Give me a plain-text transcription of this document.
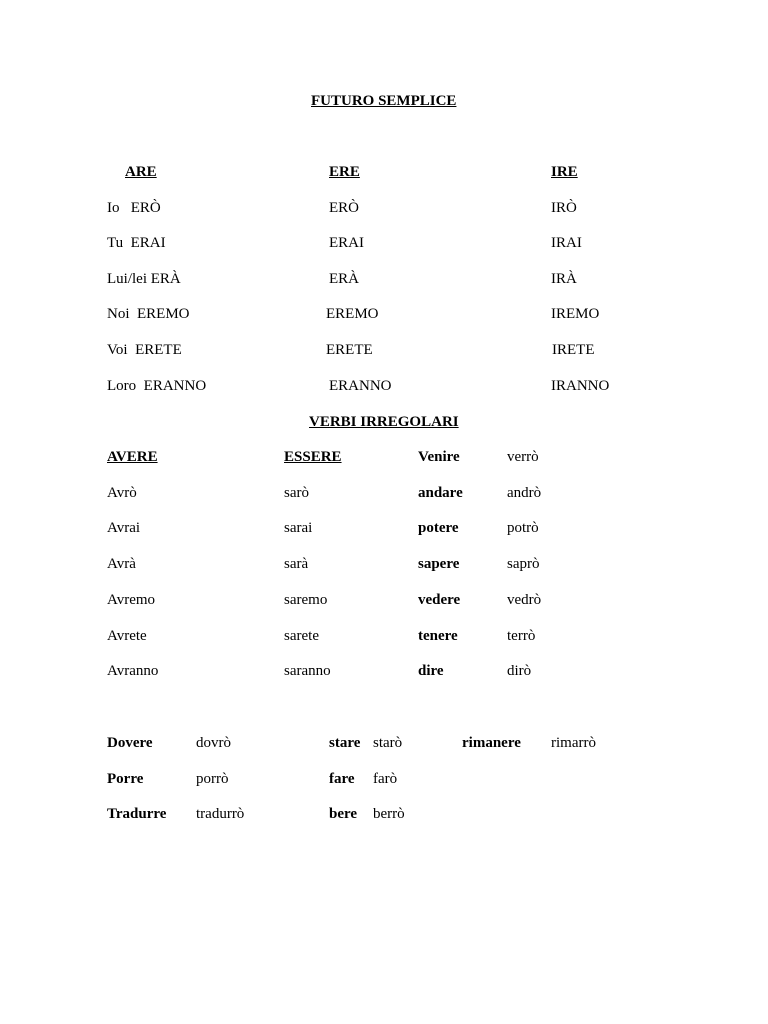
FUTURO SEMPLICE
ARE	ERE	IRE
Io ERÒ	ERÒ	IRÒ
Tu ERAI	ERAI	IRAI
Lui/lei ERÀ	ERÀ	IRÀ
Noi EREMO	EREMO	IREMO
Voi ERETE	ERETE	IRETE
Loro ERANNO	ERANNO	IRANNO
VERBI IRREGOLARI
AVERE	ESSERE	Venire	verrò
Avrò	sarò	andare	andrò
Avrai	sarai	potere	potrò
Avrà	sarà	sapere	saprò
Avremo	saremo	vedere	vedrò
Avrete	sarete	tenere	terrò
Avranno	saranno	dire	dirò
Dovere	dovrò	stare starò	rimanere rimarrò
Porre	porrò	fare farò
Tradurre tradurrò	bere berrò
